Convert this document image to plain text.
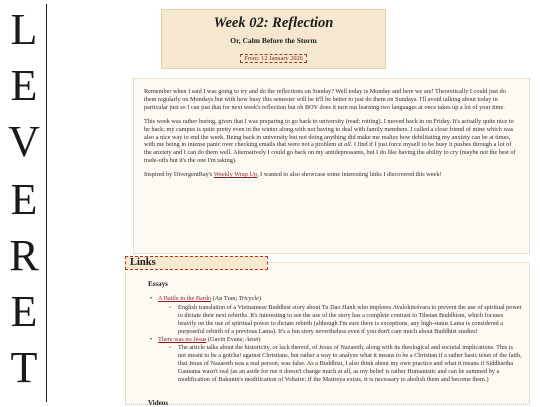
L
E
V
E
R
E
T
Week 02: Reflection
Or, Calm Before the Storm
From: 12 January 2026

Remember when I said I was going to try and do the reflections on Sunday? Well today is Monday and here we are! Theoretically I could just do them regularly on Mondays but with how busy this semester will be it'll be better to just do them on Sundays. I'll avoid talking about today in particular just so I can just that for next week's reflection but oh BOY does it turn out learning two languages at once takes up a lot of your time.

This week was rather boring, given that I was preparing to go back to university (read: rotting). I moved back in on Friday. It's actually quite nice to be back; my campus is quite pretty even in the winter along with not having to deal with family members. I called a close friend of mine which was also a nice way to end the week. Being back in university but not doing anything did make me realize how debilitating my anxiety can be at times, with me being in intense panic over checking emails that were not a problem at all. I find if I just force myself to be busy it pushes through a lot of the anxiety and I can do them well. Alternatively I could go back on my antidepressants, but I do like having the ability to cry (maybe not the best of trade-offs but it's the one I'm taking).

Inspired by DivergentRay's Weekly Wrap Up, I wanted to also showcase some interesting links I discovered this week!

Links
Essays
• A Battle in the Bardo (An Tran; Tricycle)
◦ English translation of a Vietnamese Buddhist story about Tu Dao Hanh who implores Avalokiteśvara to prevent the use of spiritual power to dictate their next rebirths. It's interesting to see the use of the story has a complete contrast to Tibetan Buddhism, which focuses heavily on the use of spiritual power to dictate rebirth (although I'm sure there is exceptions, any high-status Lama is considered a purposeful rebirth of a previous Lama). It's a fun story nevertheless even if you don't care much about Buddhist studies!
• There was no Jesus (Gavin Evans; Aeon)
◦ The article talks about the historicity, or lack thereof, of Jesus of Nazareth, along with its theological and societal implications. This is not meant to be a gotcha! against Christians, but rather a way to analyze what it means to be a Christian if a rather basic tenet of the faith, that Jesus of Nazareth was a real person, was false. As a Buddhist, I also think about my own practice and what it means if Siddhartha Gautama wasn't real (as an aside for me it doesn't change much at all, as my belief is rather Humanistic and can be summed by a modification of Bakunin's modification of Voltaire: If the Maitreya exists, it is necessary to abolish them and become them.)
Videos
